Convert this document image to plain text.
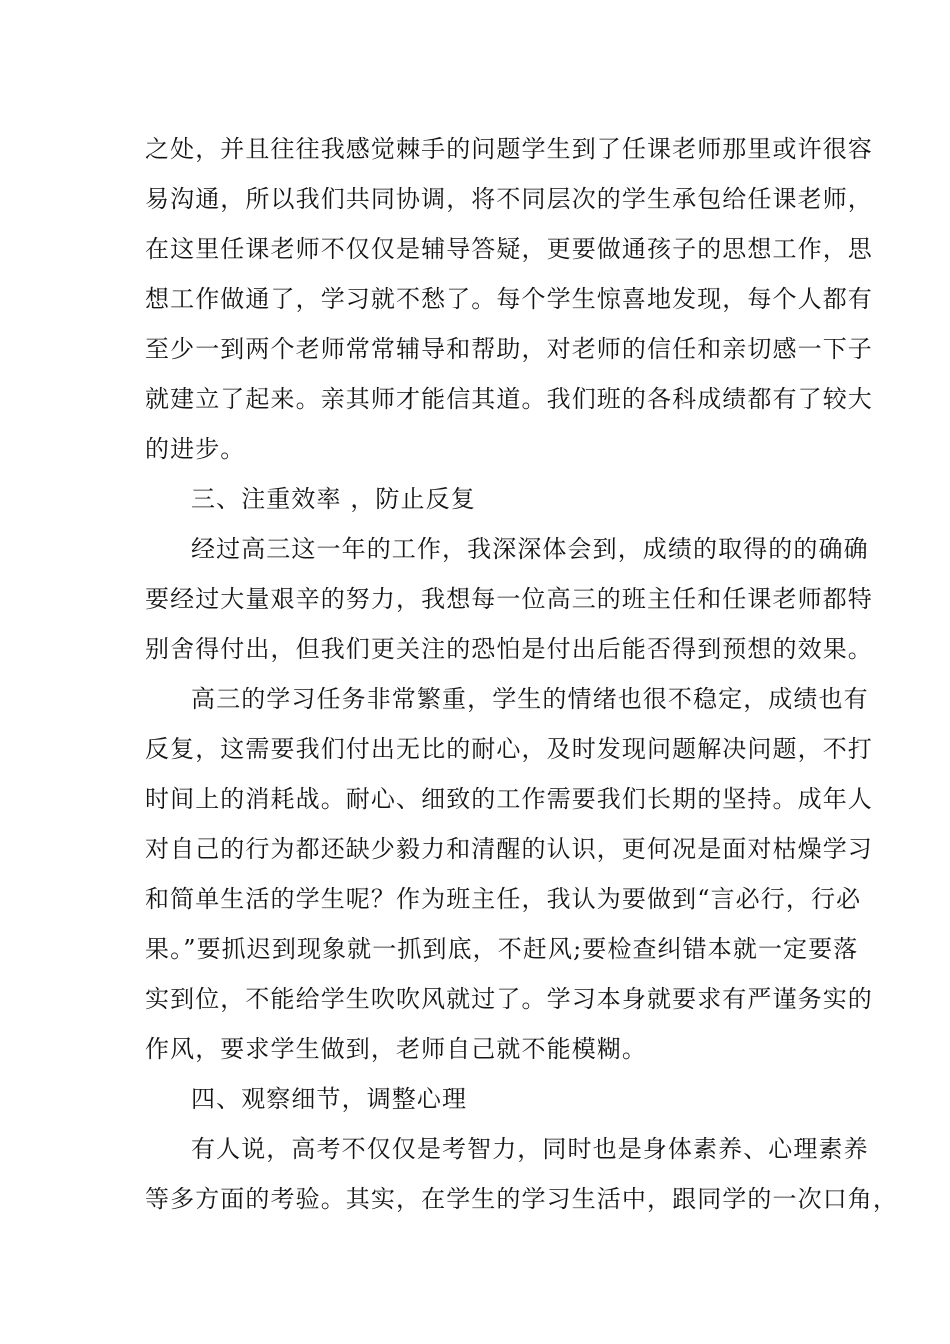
之处，并且往往我感觉棘手的问题学生到了任课老师那里或许很容
易沟通，所以我们共同协调，将不同层次的学生承包给任课老师，
在这里任课老师不仅仅是辅导答疑，更要做通孩子的思想工作，思
想工作做通了，学习就不愁了。每个学生惊喜地发现，每个人都有
至少一到两个老师常常辅导和帮助，对老师的信任和亲切感一下子
就建立了起来。亲其师才能信其道。我们班的各科成绩都有了较大
的进步。
三、注重效率 ，防止反复
经过高三这一年的工作，我深深体会到，成绩的取得的的确确
要经过大量艰辛的努力，我想每一位高三的班主任和任课老师都特
别舍得付出，但我们更关注的恐怕是付出后能否得到预想的效果。
高三的学习任务非常繁重，学生的情绪也很不稳定，成绩也有
反复，这需要我们付出无比的耐心，及时发现问题解决问题，不打
时间上的消耗战。耐心、细致的工作需要我们长期的坚持。成年人
对自己的行为都还缺少毅力和清醒的认识，更何况是面对枯燥学习
和简单生活的学生呢？作为班主任，我认为要做到“言必行，行必
果。”要抓迟到现象就一抓到底，不赶风;要检查纠错本就一定要落
实到位，不能给学生吹吹风就过了。学习本身就要求有严谨务实的
作风，要求学生做到，老师自己就不能模糊。
四、观察细节，调整心理
有人说，高考不仅仅是考智力，同时也是身体素养、心理素养
等多方面的考验。其实，在学生的学习生活中，跟同学的一次口角，
